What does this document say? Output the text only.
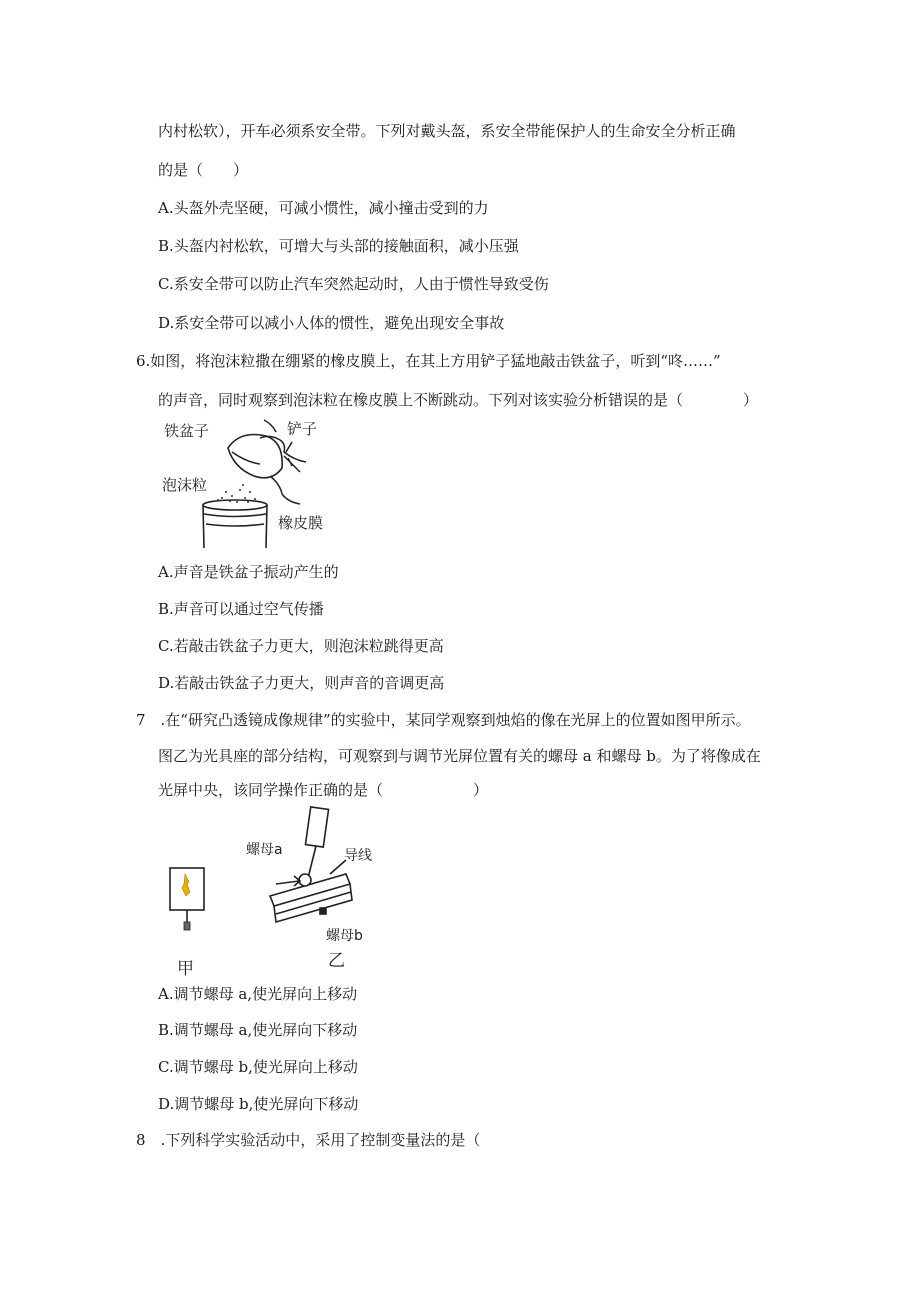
内村松软），开车必须系安全带。下列对戴头盔，系安全带能保护人的生命安全分析正确
的是（　　）
A.头盔外壳坚硬，可减小惯性，减小撞击受到的力
B.头盔内衬松软，可增大与头部的接触面积，减小压强
C.系安全带可以防止汽车突然起动时，人由于惯性导致受伤
D.系安全带可以减小人体的惯性，避免出现安全事故
6.如图，将泡沫粒撒在绷紧的橡皮膜上，在其上方用铲子猛地敲击铁盆子，听到“咚……”
的声音，同时观察到泡沫粒在橡皮膜上不断跳动。下列对该实验分析错误的是（　　　　）
铁盆子	铲子
泡沫粒
橡皮膜
A.声音是铁盆子振动产生的
B.声音可以通过空气传播
C.若敲击铁盆子力更大，则泡沫粒跳得更高
D.若敲击铁盆子力更大，则声音的音调更高
7　.在“研究凸透镜成像规律”的实验中，某同学观察到烛焰的像在光屏上的位置如图甲所示。
图乙为光具座的部分结构，可观察到与调节光屏位置有关的螺母 a 和螺母 b。为了将像成在
光屏中央，该同学操作正确的是（　　　　　　）
甲	乙
螺母a	导线
螺母b
A.调节螺母 a,使光屏向上移动
B.调节螺母 a,使光屏向下移动
C.调节螺母 b,使光屏向上移动
D.调节螺母 b,使光屏向下移动
8　.下列科学实验活动中，采用了控制变量法的是（
